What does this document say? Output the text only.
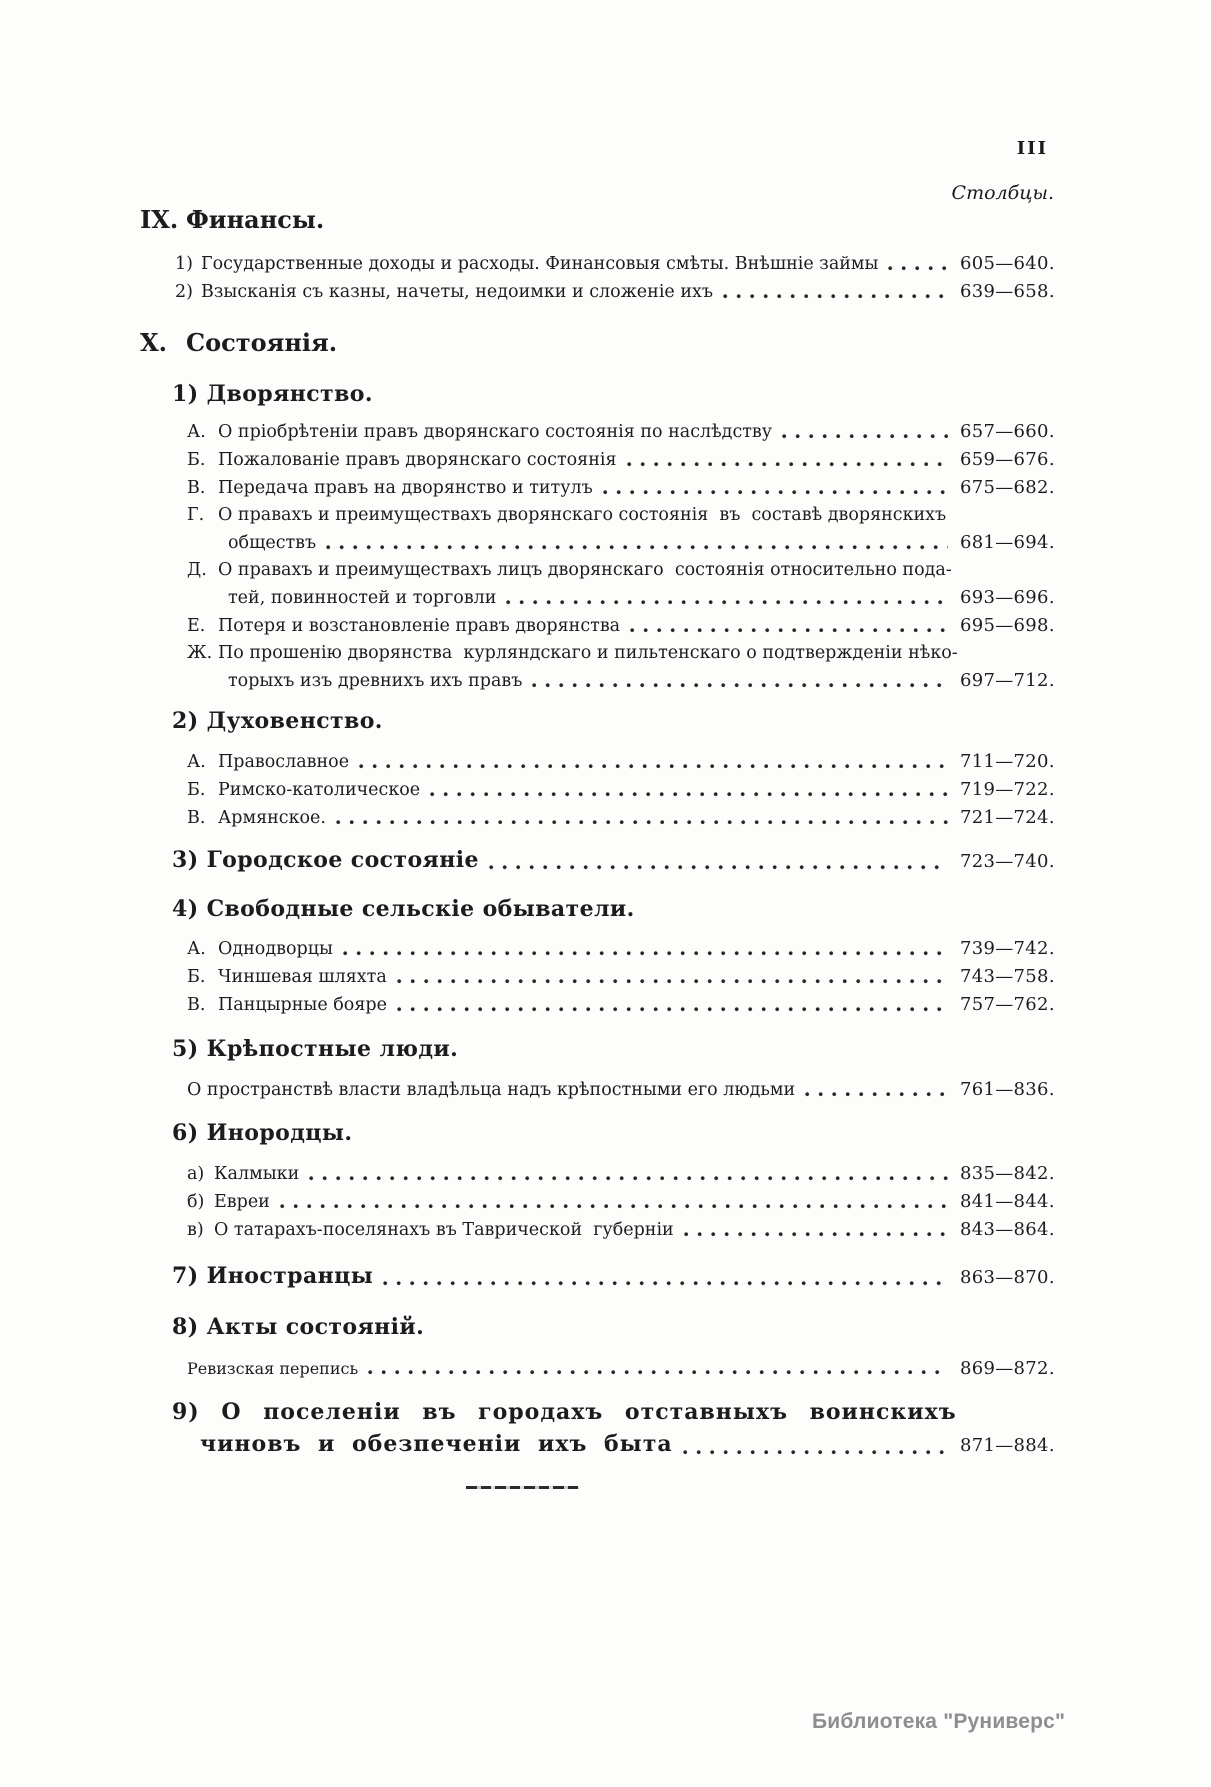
III
Столбцы.
IX. Финансы.
1) Государственные доходы и расходы. Финансовыя смѣты. Внѣшніе займы	605—640.
2) Взысканія съ казны, начеты, недоимки и сложеніе ихъ	639—658.
X. Состоянія.
1) Дворянство.
А. О пріобрѣтеніи правъ дворянскаго состоянія по наслѣдству	657—660.
Б. Пожалованіе правъ дворянскаго состоянія	659—676.
В. Передача правъ на дворянство и титулъ	675—682.
Г. О правахъ и преимуществахъ дворянскаго состоянія  въ  составѣ дворянскихъ
обществъ	681—694.
Д. О правахъ и преимуществахъ лицъ дворянскаго  состоянія относительно пода-
тей, повинностей и торговли	693—696.
Е. Потеря и возстановленіе правъ дворянства	695—698.
Ж. По прошенію дворянства  курляндскаго и пильтенскаго о подтвержденіи нѣко-
торыхъ изъ древнихъ ихъ правъ	697—712.
2) Духовенство.
А. Православное	711—720.
Б. Римско-католическое	719—722.
В. Армянское.	721—724.
3) Городское состояніе	723—740.
4) Свободные сельскіе обыватели.
А. Однодворцы	739—742.
Б. Чиншевая шляхта	743—758.
В. Панцырные бояре	757—762.
5) Крѣпостные люди.
О пространствѣ власти владѣльца надъ крѣпостными его людьми	761—836.
6) Инородцы.
а) Калмыки	835—842.
б) Евреи	841—844.
в) О татарахъ-поселянахъ въ Таврической  губерніи	843—864.
7) Иностранцы	863—870.
8) Акты состояній.
Ревизская перепись	869—872.
9) О поселеніи въ городахъ отставныхъ воинскихъ
чиновъ и обезпеченіи ихъ быта	871—884.
Библиотека "Руниверс"
